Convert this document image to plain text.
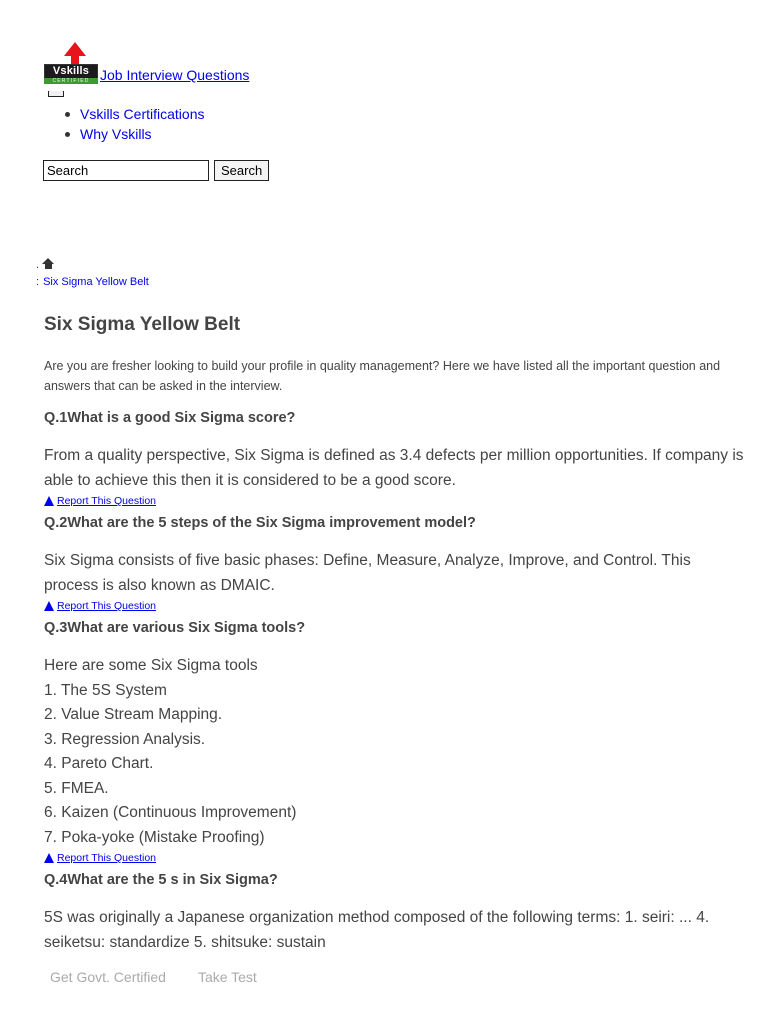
Vskills
CERTIFIED Job Interview Questions
Vskills Certifications
Why Vskills
Search
Search
.
: Six Sigma Yellow Belt
Six Sigma Yellow Belt

Are you are fresher looking to build your profile in quality management? Here we have listed all the important question and answers that can be asked in the interview.

Q.1What is a good Six Sigma score?

From a quality perspective, Six Sigma is defined as 3.4 defects per million opportunities. If company is able to achieve this then it is considered to be a good score.

Report This Question

Q.2What are the 5 steps of the Six Sigma improvement model?

Six Sigma consists of five basic phases: Define, Measure, Analyze, Improve, and Control. This process is also known as DMAIC.

Report This Question

Q.3What are various Six Sigma tools?

Here are some Six Sigma tools
1. The 5S System
2. Value Stream Mapping.
3. Regression Analysis.
4. Pareto Chart.
5. FMEA.
6. Kaizen (Continuous Improvement)
7. Poka-yoke (Mistake Proofing)

Report This Question

Q.4What are the 5 s in Six Sigma?

5S was originally a Japanese organization method composed of the following terms: 1. seiri: ... 4. seiketsu: standardize 5. shitsuke: sustain

Get Govt. Certified Take Test
